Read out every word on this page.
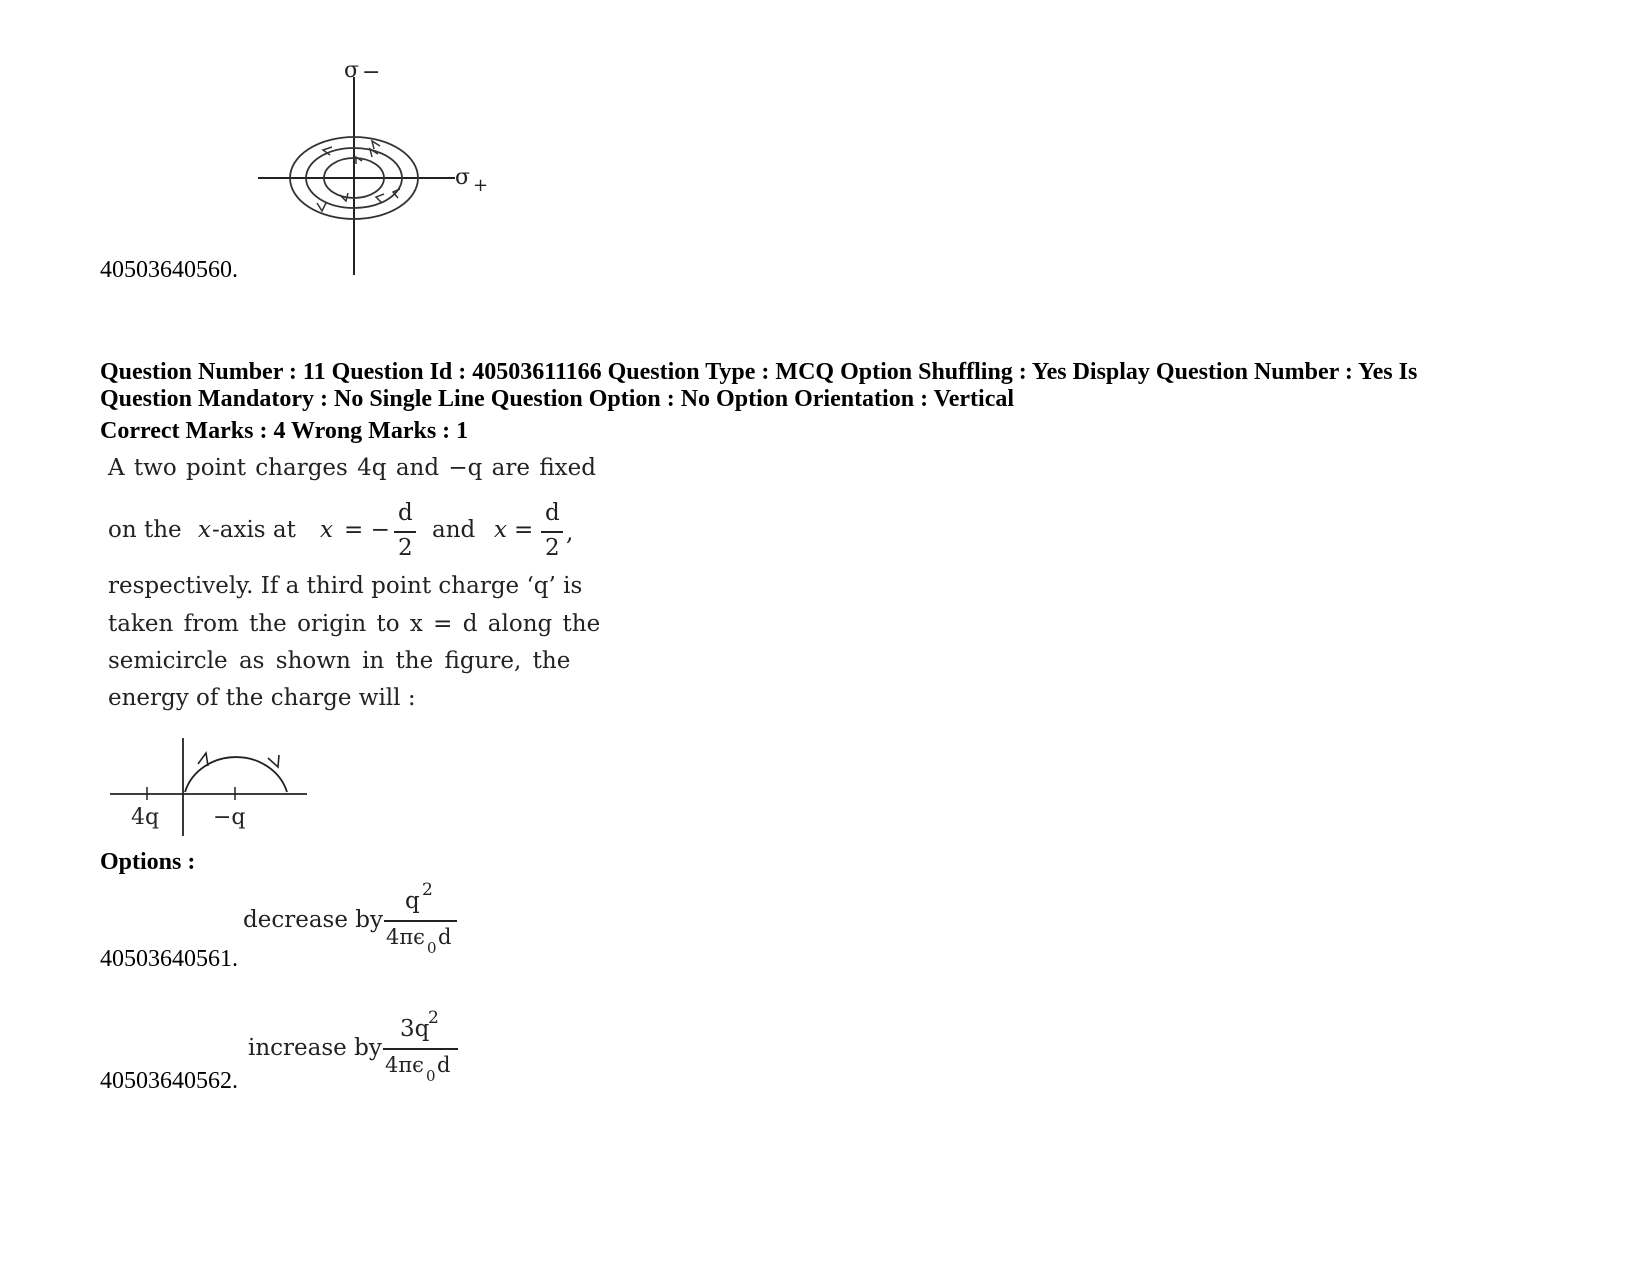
σ −
σ +
40503640560.
Question Number : 11 Question Id : 40503611166 Question Type : MCQ Option Shuffling : Yes Display Question Number : Yes Is
Question Mandatory : No Single Line Question Option : No Option Orientation : Vertical
Correct Marks : 4 Wrong Marks : 1
A two point charges 4q and −q are fixed
on the x -axis at x = −
d
2
and x =
d
2
,
respectively. If a third point charge ‘q’ is
taken from the origin to x = d along the
semicircle as shown in the figure, the
energy of the charge will :
4q −q
Options :
decrease by
q 2
4πϵ 0 d
40503640561.
increase by
3q
2
4πϵ 0 d
40503640562.
